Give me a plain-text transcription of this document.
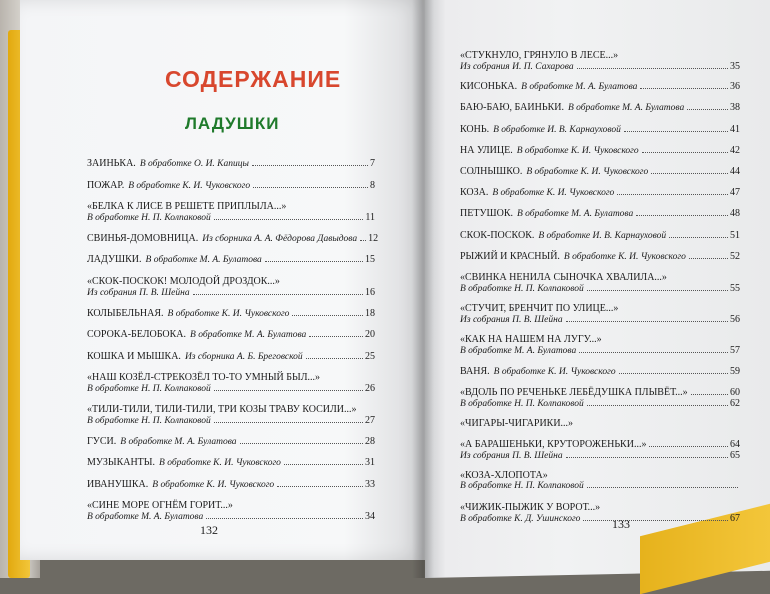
СОДЕРЖАНИЕ
ЛАДУШКИ
ЗАИНЬКА. В обработке О. И. Капицы	7
ПОЖАР. В обработке К. И. Чуковского	8
«БЕЛКА К ЛИСЕ В РЕШЕТЕ ПРИПЛЫЛА...»
В обработке Н. П. Колпаковой	11
СВИНЬЯ-ДОМОВНИЦА. Из сборника А. А. Фёдорова Давыдова 12
ЛАДУШКИ. В обработке М. А. Булатова	15
«СКОК-ПОСКОК! МОЛОДОЙ ДРОЗДОК...»
Из собрания П. В. Шейна	16
КОЛЫБЕЛЬНАЯ. В обработке К. И. Чуковского	18
СОРОКА-БЕЛОБОКА. В обработке М. А. Булатова	20
КОШКА И МЫШКА. Из сборника А. Б. Бреговской	25
«НАШ КОЗЁЛ-СТРЕКОЗЁЛ ТО-ТО УМНЫЙ БЫЛ...»
В обработке Н. П. Колпаковой	26
«ТИЛИ-ТИЛИ, ТИЛИ-ТИЛИ, ТРИ КОЗЫ ТРАВУ КОСИЛИ...»
В обработке Н. П. Колпаковой	27
ГУСИ. В обработке М. А. Булатова	28
МУЗЫКАНТЫ. В обработке К. И. Чуковского	31
ИВАНУШКА. В обработке К. И. Чуковского	33
«СИНЕ МОРЕ ОГНЁМ ГОРИТ...»
В обработке М. А. Булатова	34
«СТУКНУЛО, ГРЯНУЛО В ЛЕСЕ...»
Из собрания И. П. Сахарова	35
КИСОНЬКА. В обработке М. А. Булатова	36
БАЮ-БАЮ, БАИНЬКИ. В обработке М. А. Булатова	38
КОНЬ. В обработке И. В. Карнауховой	41
НА УЛИЦЕ. В обработке К. И. Чуковского	42
СОЛНЫШКО. В обработке К. И. Чуковского	44
КОЗА. В обработке К. И. Чуковского	47
ПЕТУШОК. В обработке М. А. Булатова	48
СКОК-ПОСКОК. В обработке И. В. Карнауховой	51
РЫЖИЙ И КРАСНЫЙ. В обработке К. И. Чуковского	52
«СВИНКА НЕНИЛА СЫНОЧКА ХВАЛИЛА...»
В обработке Н. П. Колпаковой	55
«СТУЧИТ, БРЕНЧИТ ПО УЛИЦЕ...»
Из собрания П. В. Шейна	56
«КАК НА НАШЕМ НА ЛУГУ...»
В обработке М. А. Булатова	57
ВАНЯ. В обработке К. И. Чуковского	59
«ВДОЛЬ ПО РЕЧЕНЬКЕ ЛЕБЁДУШКА ПЛЫВЁТ...»	60
В обработке Н. П. Колпаковой	62
«ЧИГАРЫ-ЧИГАРИКИ...»
«А БАРАШЕНЬКИ, КРУТОРОЖЕНЬКИ...»	64
Из собрания П. В. Шейна	65
«КОЗА-ХЛОПОТА»
В обработке Н. П. Колпаковой
«ЧИЖИК-ПЫЖИК У ВОРОТ...»
В обработке К. Д. Ушинского	67
132	133
